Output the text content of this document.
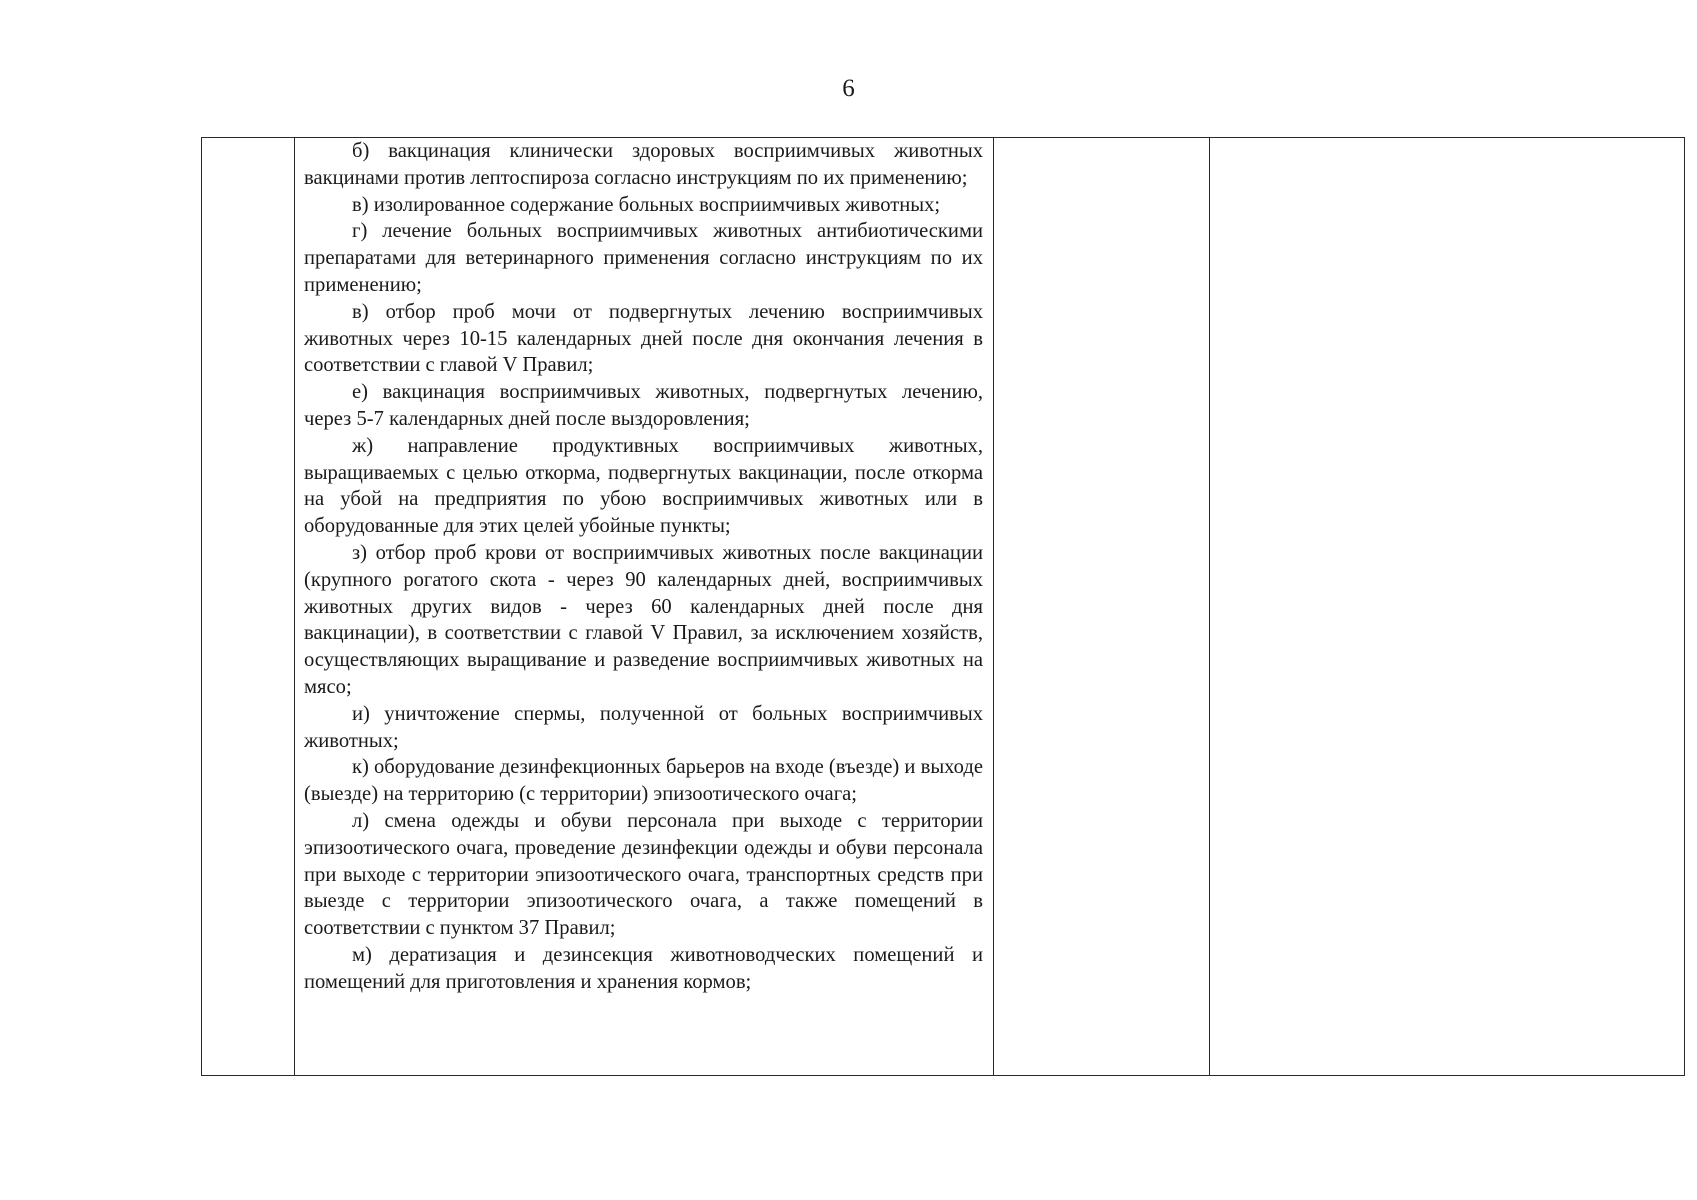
6

б) вакцинация клинически здоровых восприимчивых животных вакцинами против лептоспироза согласно инструкциям по их применению;

в) изолированное содержание больных восприимчивых животных;

г) лечение больных восприимчивых животных антибиотическими препаратами для ветеринарного применения согласно инструкциям по их применению;

в) отбор проб мочи от подвергнутых лечению восприимчивых животных через 10-15 календарных дней после дня окончания лечения в соответствии с главой V Правил;

е) вакцинация восприимчивых животных, подвергнутых лечению, через 5-7 календарных дней после выздоровления;

ж) направление продуктивных восприимчивых животных, выращиваемых с целью откорма, подвергнутых вакцинации, после откорма на убой на предприятия по убою восприимчивых животных или в оборудованные для этих целей убойные пункты;

з) отбор проб крови от восприимчивых животных после вакцинации (крупного рогатого скота - через 90 календарных дней, восприимчивых животных других видов - через 60 календарных дней после дня вакцинации), в соответствии с главой V Правил, за исключением хозяйств, осуществляющих выращивание и разведение восприимчивых животных на мясо;

и) уничтожение спермы, полученной от больных восприимчивых животных;

к) оборудование дезинфекционных барьеров на входе (въезде) и выходе (выезде) на территорию (с территории) эпизоотического очага;

л) смена одежды и обуви персонала при выходе с территории эпизоотического очага, проведение дезинфекции одежды и обуви персонала при выходе с территории эпизоотического очага, транспортных средств при выезде с территории эпизоотического очага, а также помещений в соответствии с пунктом 37 Правил;

м) дератизация и дезинсекция животноводческих помещений и помещений для приготовления и хранения кормов;
